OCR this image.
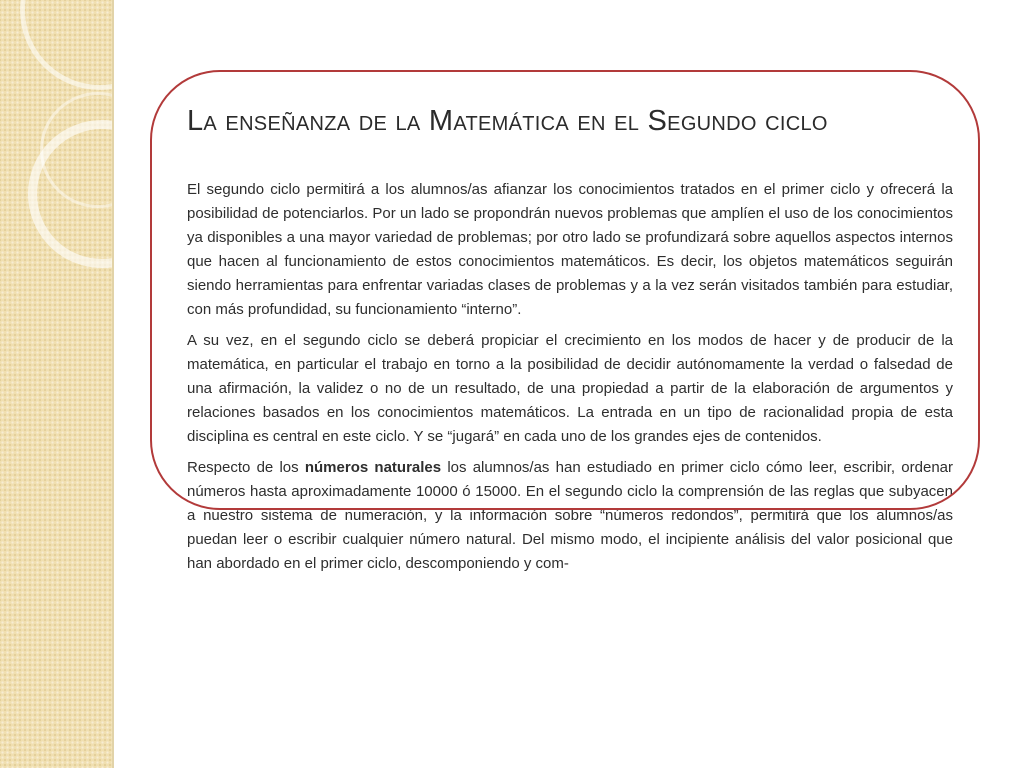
La enseñanza de la Matemática en el Segundo ciclo

El segundo ciclo permitirá a los alumnos/as afianzar los conocimientos tratados en el primer ciclo y ofrecerá la posibilidad de potenciarlos. Por un lado se propondrán nuevos problemas que amplíen el uso de los conocimientos ya disponibles a una mayor variedad de problemas; por otro lado se profundizará sobre aquellos aspectos internos que hacen al funcionamiento de estos conocimientos matemáticos. Es decir, los objetos matemáticos seguirán siendo herramientas para enfrentar variadas clases de problemas y a la vez serán visitados también para estudiar, con más profundidad, su funcionamiento “interno”.

A su vez, en el segundo ciclo se deberá propiciar el crecimiento en los modos de hacer y de producir de la matemática, en particular el trabajo en torno a la posibilidad de decidir autónomamente la verdad o falsedad de una afirmación, la validez o no de un resultado, de una propiedad a partir de la elaboración de argumentos y relaciones basados en los conocimientos matemáticos. La entrada en un tipo de racionalidad propia de esta disciplina es central en este ciclo. Y se “jugará” en cada uno de los grandes ejes de contenidos.

Respecto de los números naturales los alumnos/as han estudiado en primer ciclo cómo leer, escribir, ordenar números hasta aproximadamente 10000 ó 15000. En el segundo ciclo la comprensión de las reglas que subyacen a nuestro sistema de numeración, y la información sobre “números redondos”, permitirá que los alumnos/as puedan leer o escribir cualquier número natural. Del mismo modo, el incipiente análisis del valor posicional que han abordado en el primer ciclo, descomponiendo y com-
